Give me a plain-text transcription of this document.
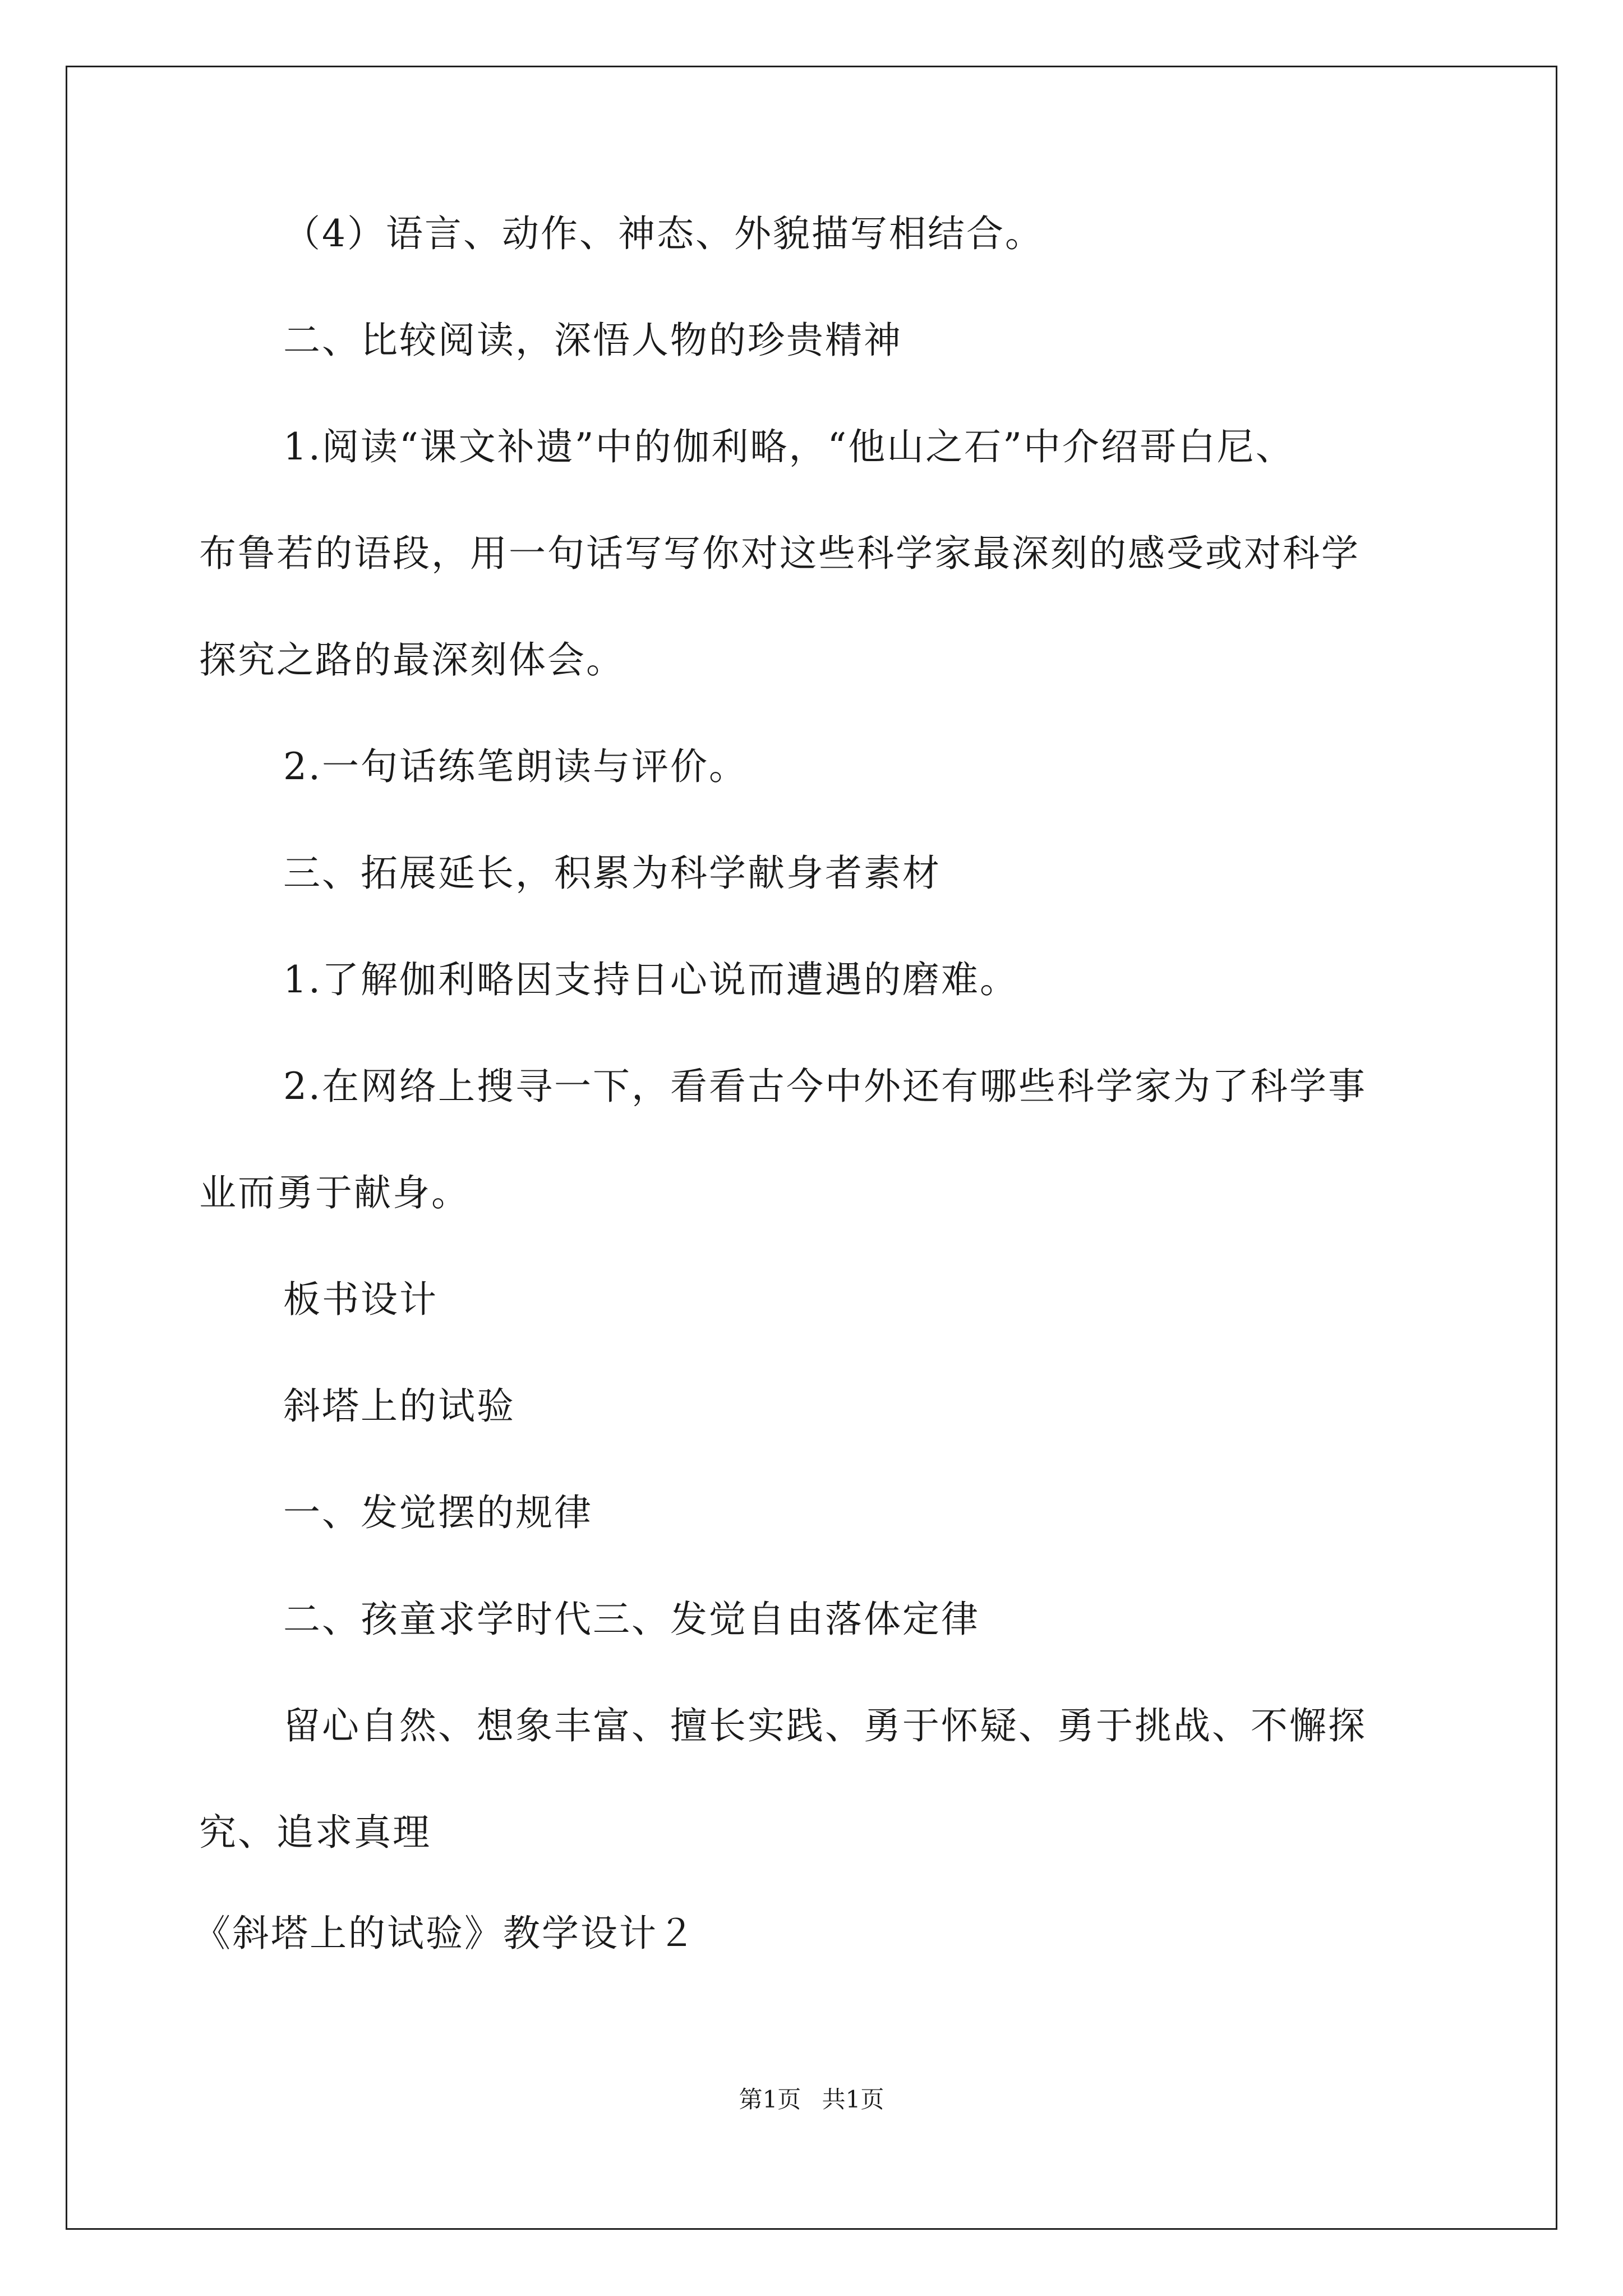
（4）语言、动作、神态、外貌描写相结合。
二、比较阅读，深悟人物的珍贵精神
1.阅读“课文补遗”中的伽利略，“他山之石”中介绍哥白尼、
布鲁若的语段，用一句话写写你对这些科学家最深刻的感受或对科学
探究之路的最深刻体会。
2.一句话练笔朗读与评价。
三、拓展延长，积累为科学献身者素材
1.了解伽利略因支持日心说而遭遇的磨难。
2.在网络上搜寻一下，看看古今中外还有哪些科学家为了科学事
业而勇于献身。
板书设计
斜塔上的试验
一、发觉摆的规律
二、孩童求学时代三、发觉自由落体定律
留心自然、想象丰富、擅长实践、勇于怀疑、勇于挑战、不懈探
究、追求真理
《斜塔上的试验》教学设计２
第1页 共1页
